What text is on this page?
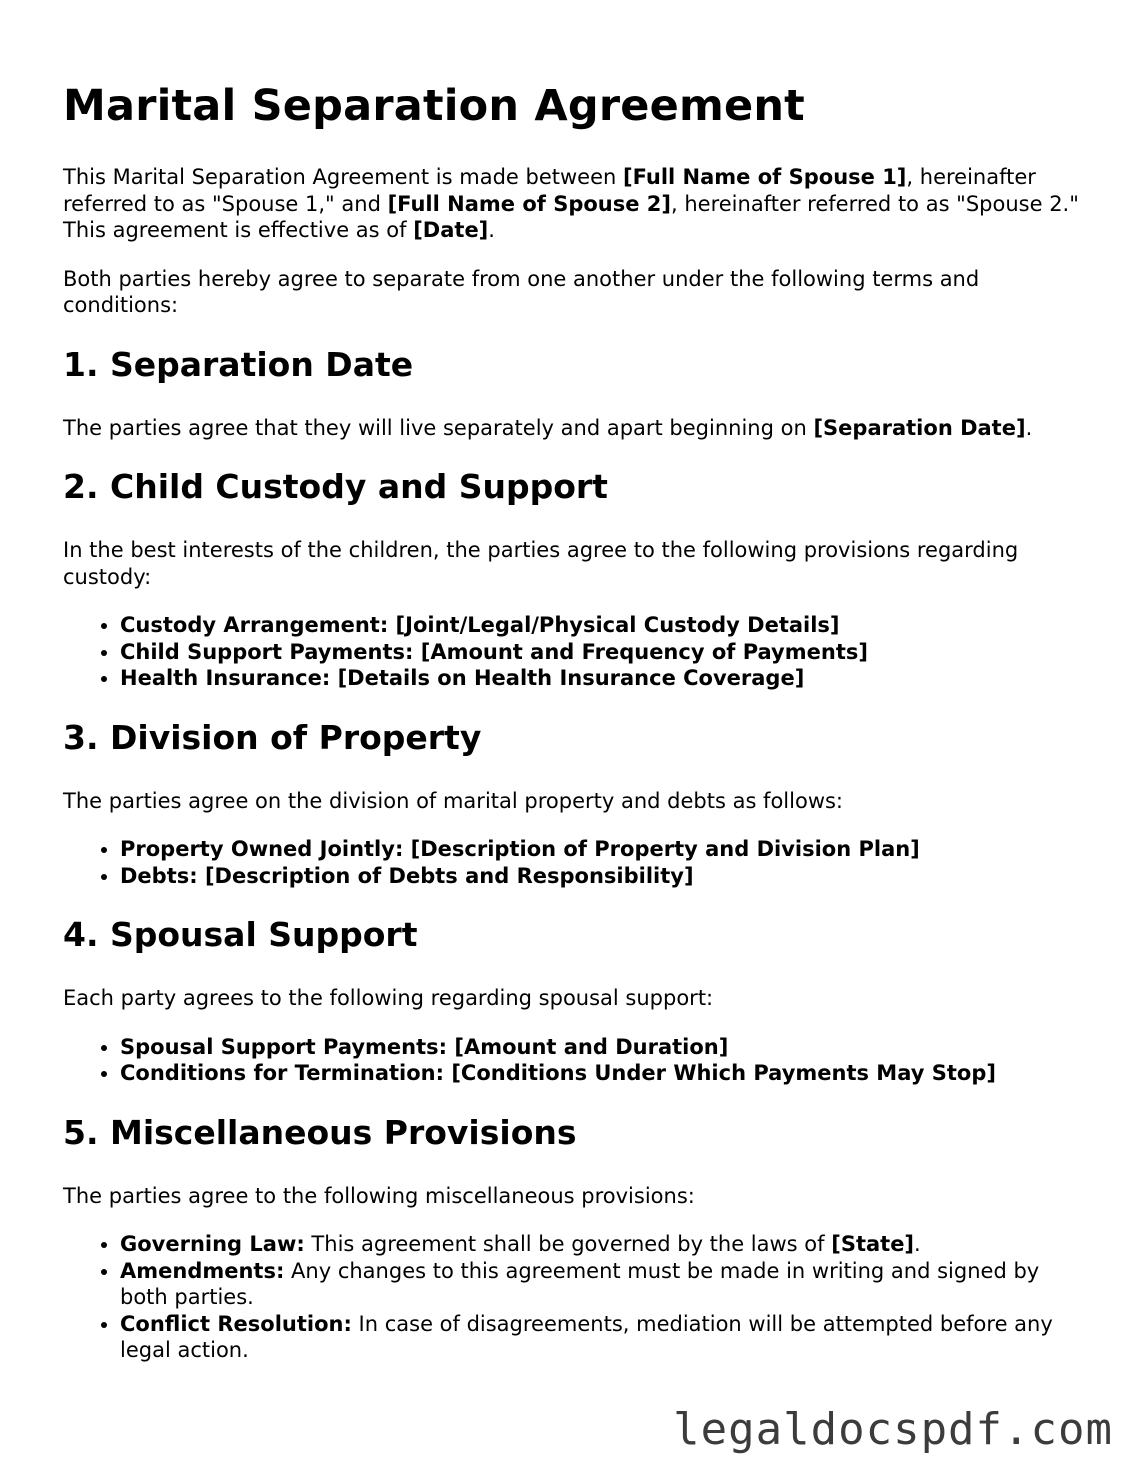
Marital Separation Agreement

This Marital Separation Agreement is made between [Full Name of Spouse 1], hereinafter referred to as "Spouse 1," and [Full Name of Spouse 2], hereinafter referred to as "Spouse 2." This agreement is effective as of [Date].

Both parties hereby agree to separate from one another under the following terms and conditions:

1. Separation Date

The parties agree that they will live separately and apart beginning on [Separation Date].

2. Child Custody and Support

In the best interests of the children, the parties agree to the following provisions regarding custody:

• Custody Arrangement: [Joint/Legal/Physical Custody Details]
• Child Support Payments: [Amount and Frequency of Payments]
• Health Insurance: [Details on Health Insurance Coverage]
3. Division of Property

The parties agree on the division of marital property and debts as follows:

• Property Owned Jointly: [Description of Property and Division Plan]
• Debts: [Description of Debts and Responsibility]
4. Spousal Support

Each party agrees to the following regarding spousal support:

• Spousal Support Payments: [Amount and Duration]
• Conditions for Termination: [Conditions Under Which Payments May Stop]
5. Miscellaneous Provisions

The parties agree to the following miscellaneous provisions:

• Governing Law: This agreement shall be governed by the laws of [State].
• Amendments: Any changes to this agreement must be made in writing and signed by both parties.
• Conflict Resolution: In case of disagreements, mediation will be attempted before any legal action.
legaldocspdf.com
